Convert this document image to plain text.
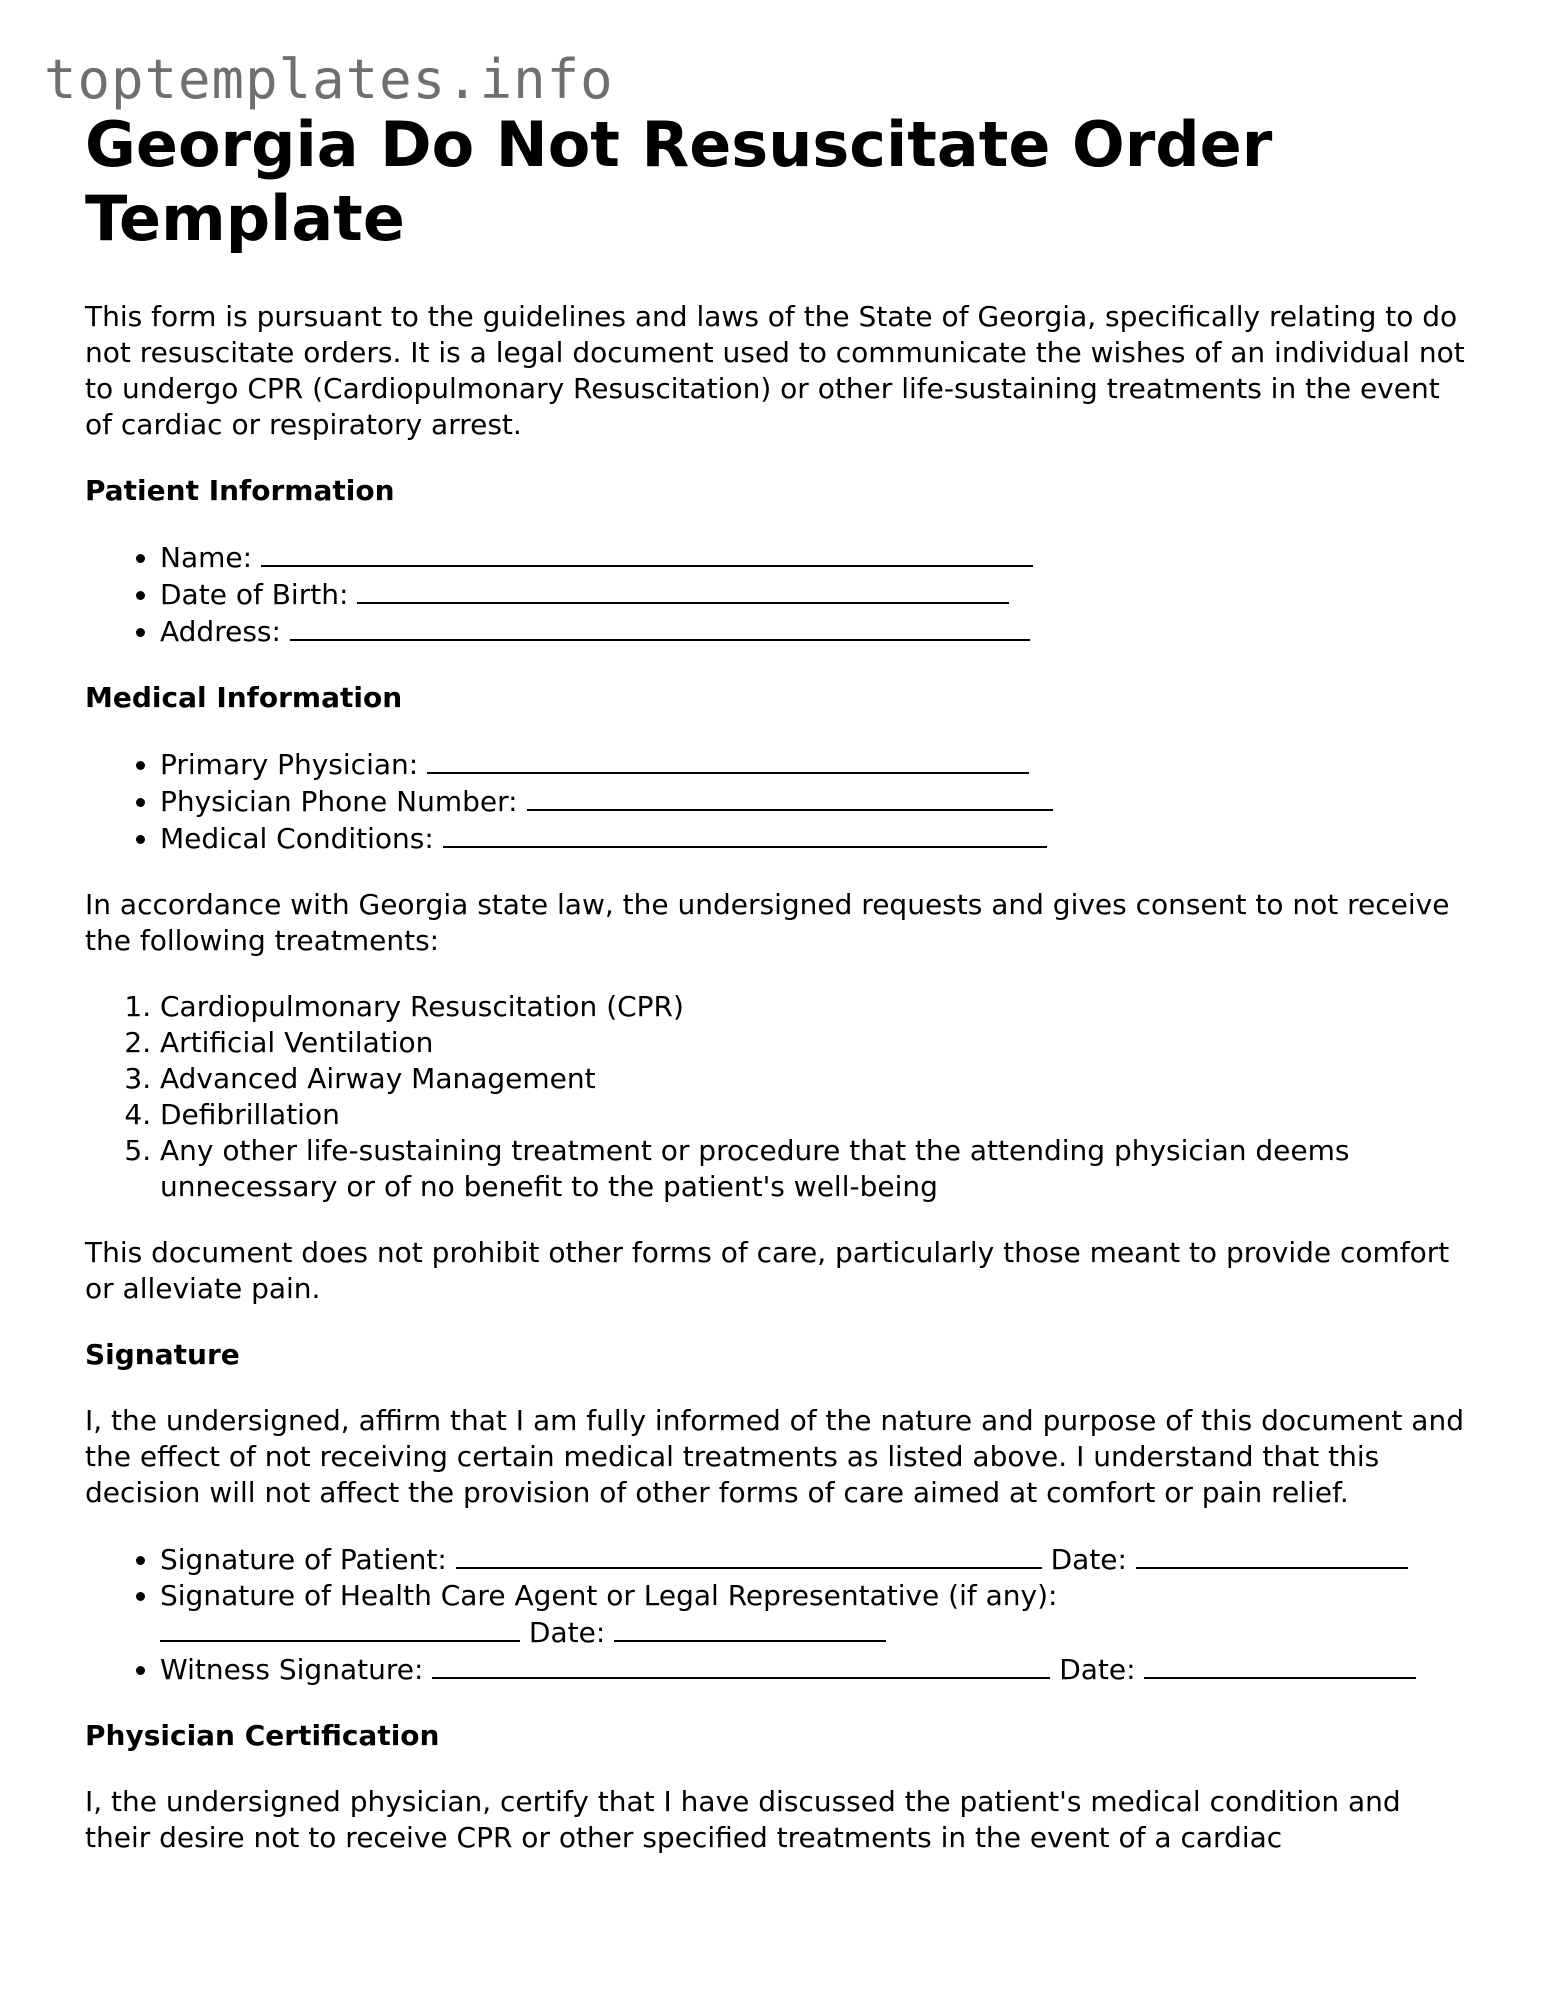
toptemplates.info
Georgia Do Not Resuscitate Order Template

This form is pursuant to the guidelines and laws of the State of Georgia, specifically relating to do not resuscitate orders. It is a legal document used to communicate the wishes of an individual not to undergo CPR (Cardiopulmonary Resuscitation) or other life-sustaining treatments in the event of cardiac or respiratory arrest.

Patient Information
• Name:
• Date of Birth:
• Address:
Medical Information
• Primary Physician:
• Physician Phone Number:
• Medical Conditions:

In accordance with Georgia state law, the undersigned requests and gives consent to not receive the following treatments:

1. Cardiopulmonary Resuscitation (CPR)
2. Artificial Ventilation
3. Advanced Airway Management
4. Defibrillation
5. Any other life-sustaining treatment or procedure that the attending physician deems unnecessary or of no benefit to the patient's well-being

This document does not prohibit other forms of care, particularly those meant to provide comfort or alleviate pain.

Signature

I, the undersigned, affirm that I am fully informed of the nature and purpose of this document and the effect of not receiving certain medical treatments as listed above. I understand that this decision will not affect the provision of other forms of care aimed at comfort or pain relief.

• Signature of Patient:	Date:
• Signature of Health Care Agent or Legal Representative (if any):
Date:
• Witness Signature:	Date:
Physician Certification

I, the undersigned physician, certify that I have discussed the patient's medical condition and their desire not to receive CPR or other specified treatments in the event of a cardiac
